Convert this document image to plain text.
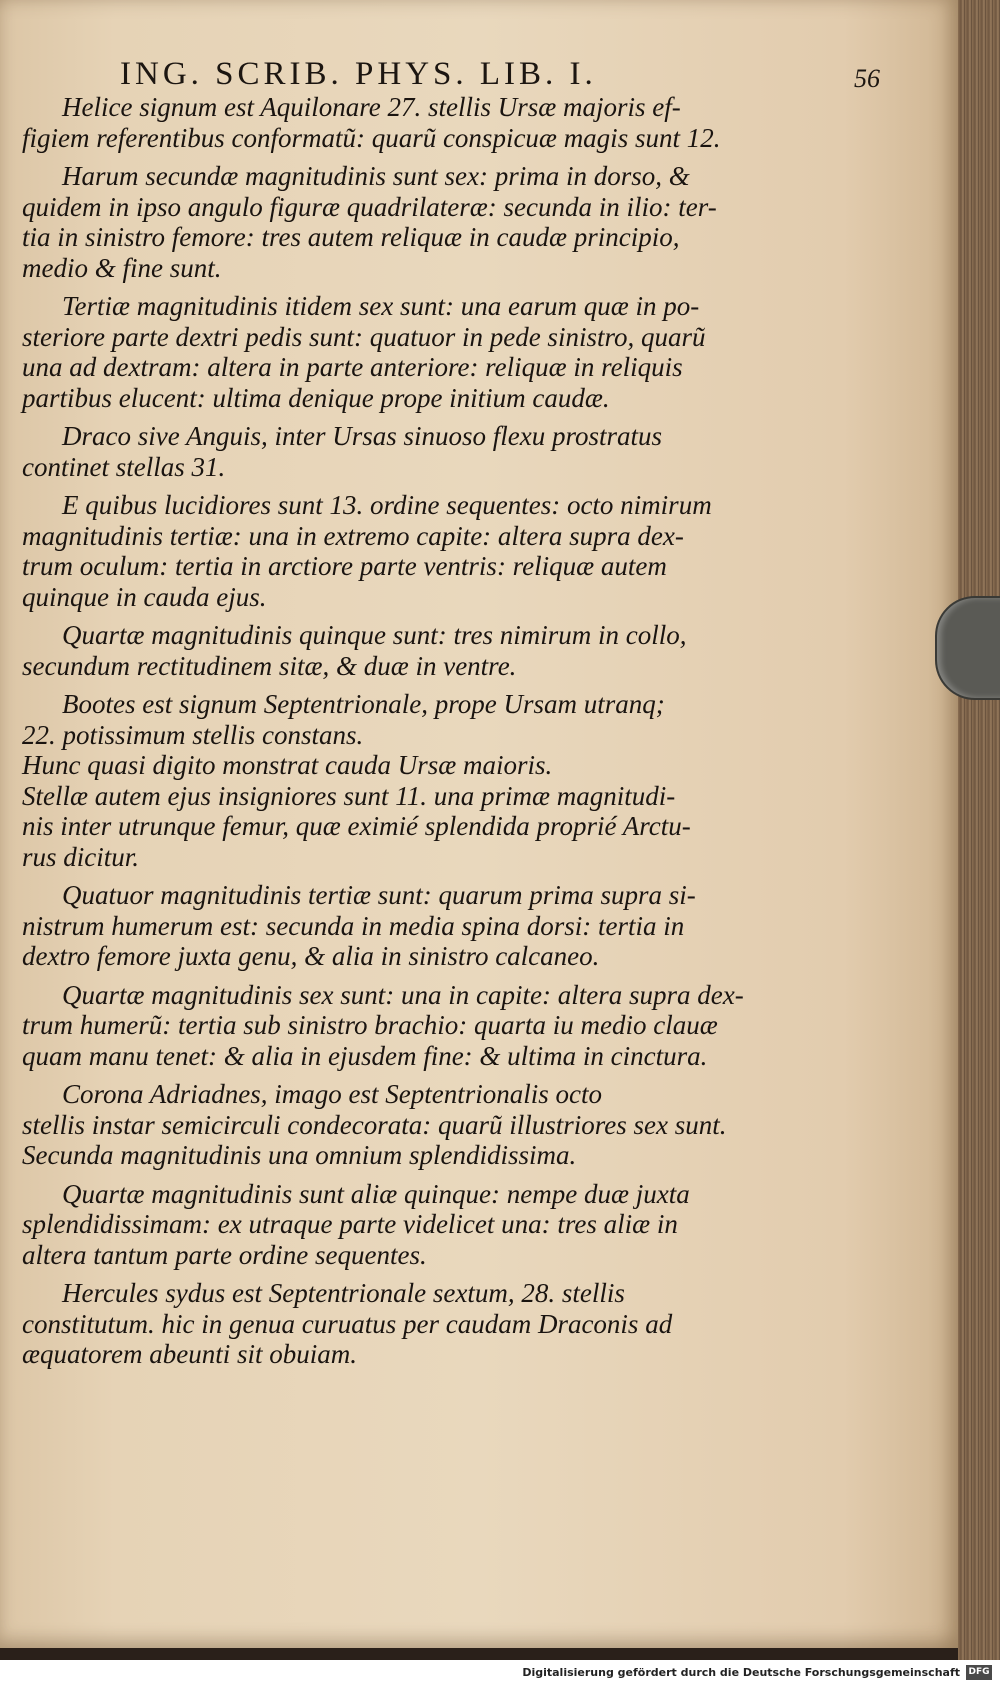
ING. SCRIB. PHYS. LIB. I.	56
Helice signum est Aquilonare 27. stellis Ursæ majoris ef-
figiem referentibus conformatũ: quarũ conspicuæ magis sunt 12.
Harum secundæ magnitudinis sunt sex: prima in dorso, &
quidem in ipso angulo figuræ quadrilateræ: secunda in ilio: ter-
tia in sinistro femore: tres autem reliquæ in caudæ principio,
medio & fine sunt.
Tertiæ magnitudinis itidem sex sunt: una earum quæ in po-
steriore parte dextri pedis sunt: quatuor in pede sinistro, quarũ
una ad dextram: altera in parte anteriore: reliquæ in reliquis
partibus elucent: ultima denique prope initium caudæ.
Draco sive Anguis, inter Ursas sinuoso flexu prostratus
continet stellas 31.
E quibus lucidiores sunt 13. ordine sequentes: octo nimirum
magnitudinis tertiæ: una in extremo capite: altera supra dex-
trum oculum: tertia in arctiore parte ventris: reliquæ autem
quinque in cauda ejus.
Quartæ magnitudinis quinque sunt: tres nimirum in collo,
secundum rectitudinem sitæ, & duæ in ventre.
Bootes est signum Septentrionale, prope Ursam utranq;
22. potissimum stellis constans.
Hunc quasi digito monstrat cauda Ursæ maioris.
Stellæ autem ejus insigniores sunt 11. una primæ magnitudi-
nis inter utrunque femur, quæ eximié splendida proprié Arctu-
rus dicitur.
Quatuor magnitudinis tertiæ sunt: quarum prima supra si-
nistrum humerum est: secunda in media spina dorsi: tertia in
dextro femore juxta genu, & alia in sinistro calcaneo.
Quartæ magnitudinis sex sunt: una in capite: altera supra dex-
trum humerũ: tertia sub sinistro brachio: quarta iu medio clauæ
quam manu tenet: & alia in ejusdem fine: & ultima in cinctura.
Corona Adriadnes, imago est Septentrionalis octo
stellis instar semicirculi condecorata: quarũ illustriores sex sunt.
Secunda magnitudinis una omnium splendidissima.
Quartæ magnitudinis sunt aliæ quinque: nempe duæ juxta
splendidissimam: ex utraque parte videlicet una: tres aliæ in
altera tantum parte ordine sequentes.
Hercules sydus est Septentrionale sextum, 28. stellis
constitutum. hic in genua curuatus per caudam Draconis ad
æquatorem abeunti sit obuiam.
Digitalisierung gefördert durch die Deutsche Forschungsgemeinschaft DFG
